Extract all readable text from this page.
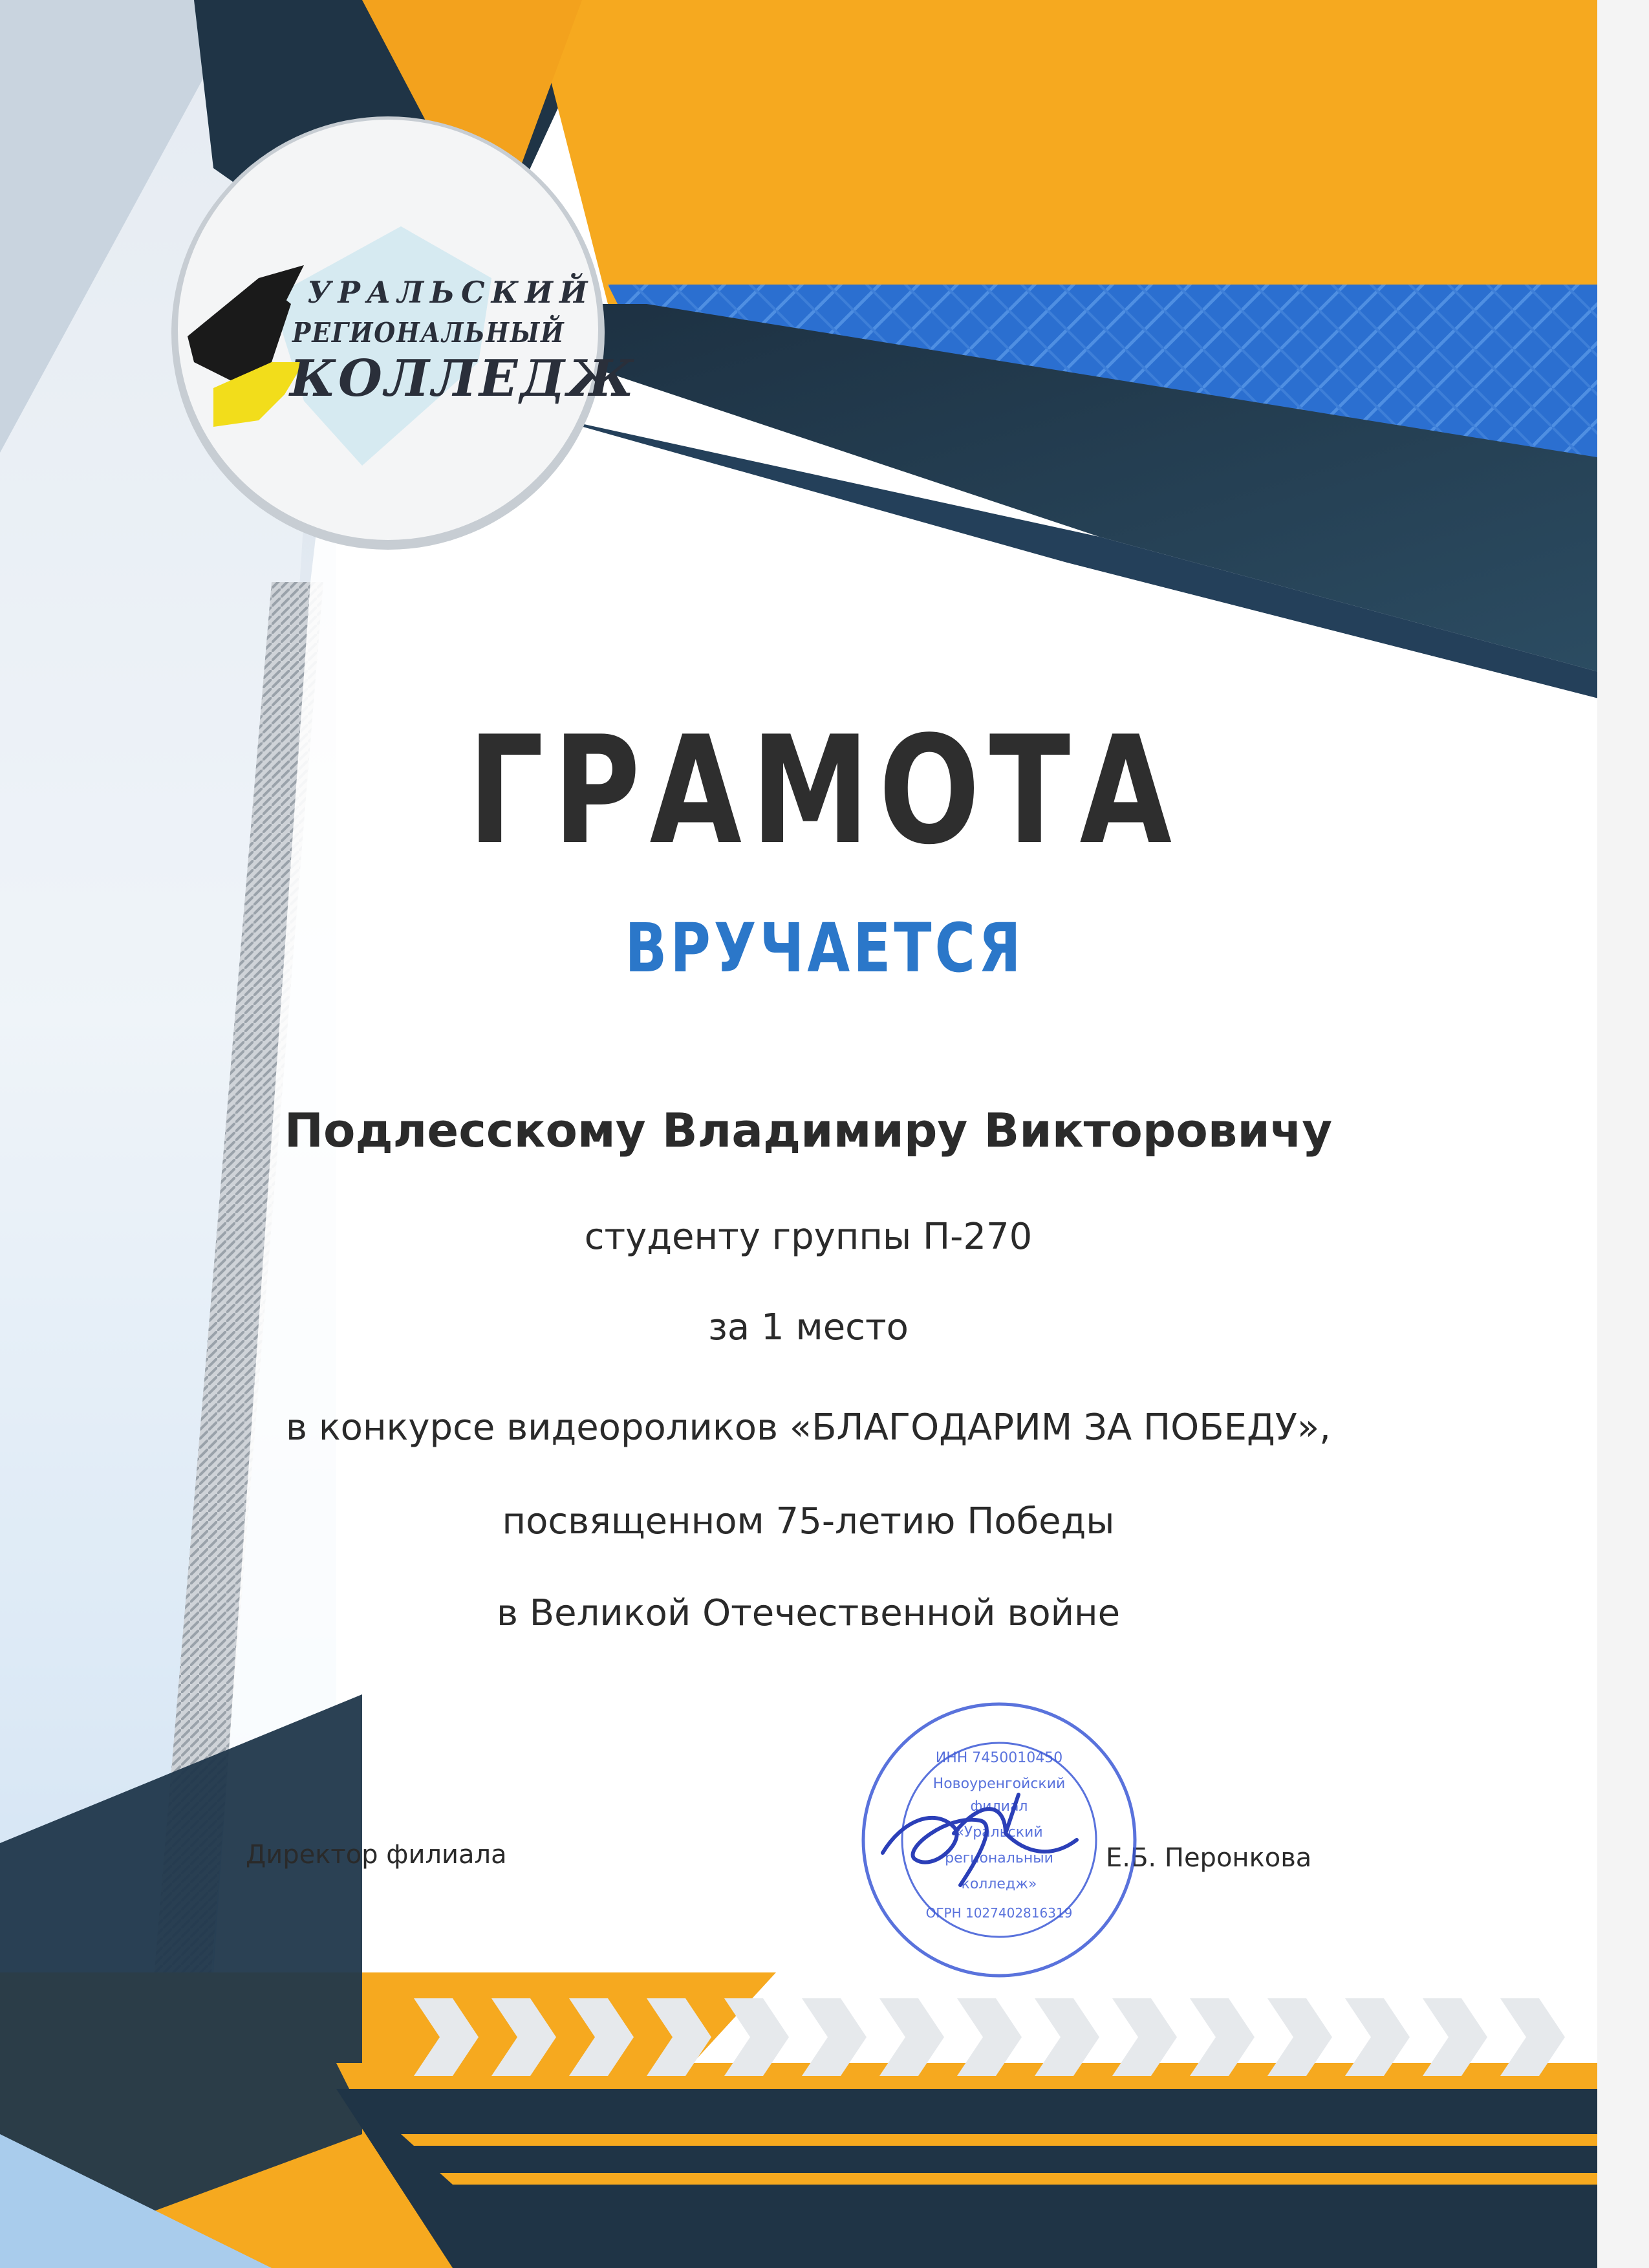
УРАЛЬСКИЙ
РЕГИОНАЛЬНЫЙ
КОЛЛЕДЖ
ГРАМОТА
ВРУЧАЕТСЯ
Подлесскому Владимиру Викторовичу
студенту группы П-270
за 1 место
в конкурсе видеороликов «БЛАГОДАРИМ ЗА ПОБЕДУ»,
посвященном 75-летию Победы
в Великой Отечественной войне
Директор филиала	Е.Б. Перонкова
ИНН 7450010450
Новоуренгойский
филиал
«Уральский
региональный
колледж»
ОГРН 1027402816319
